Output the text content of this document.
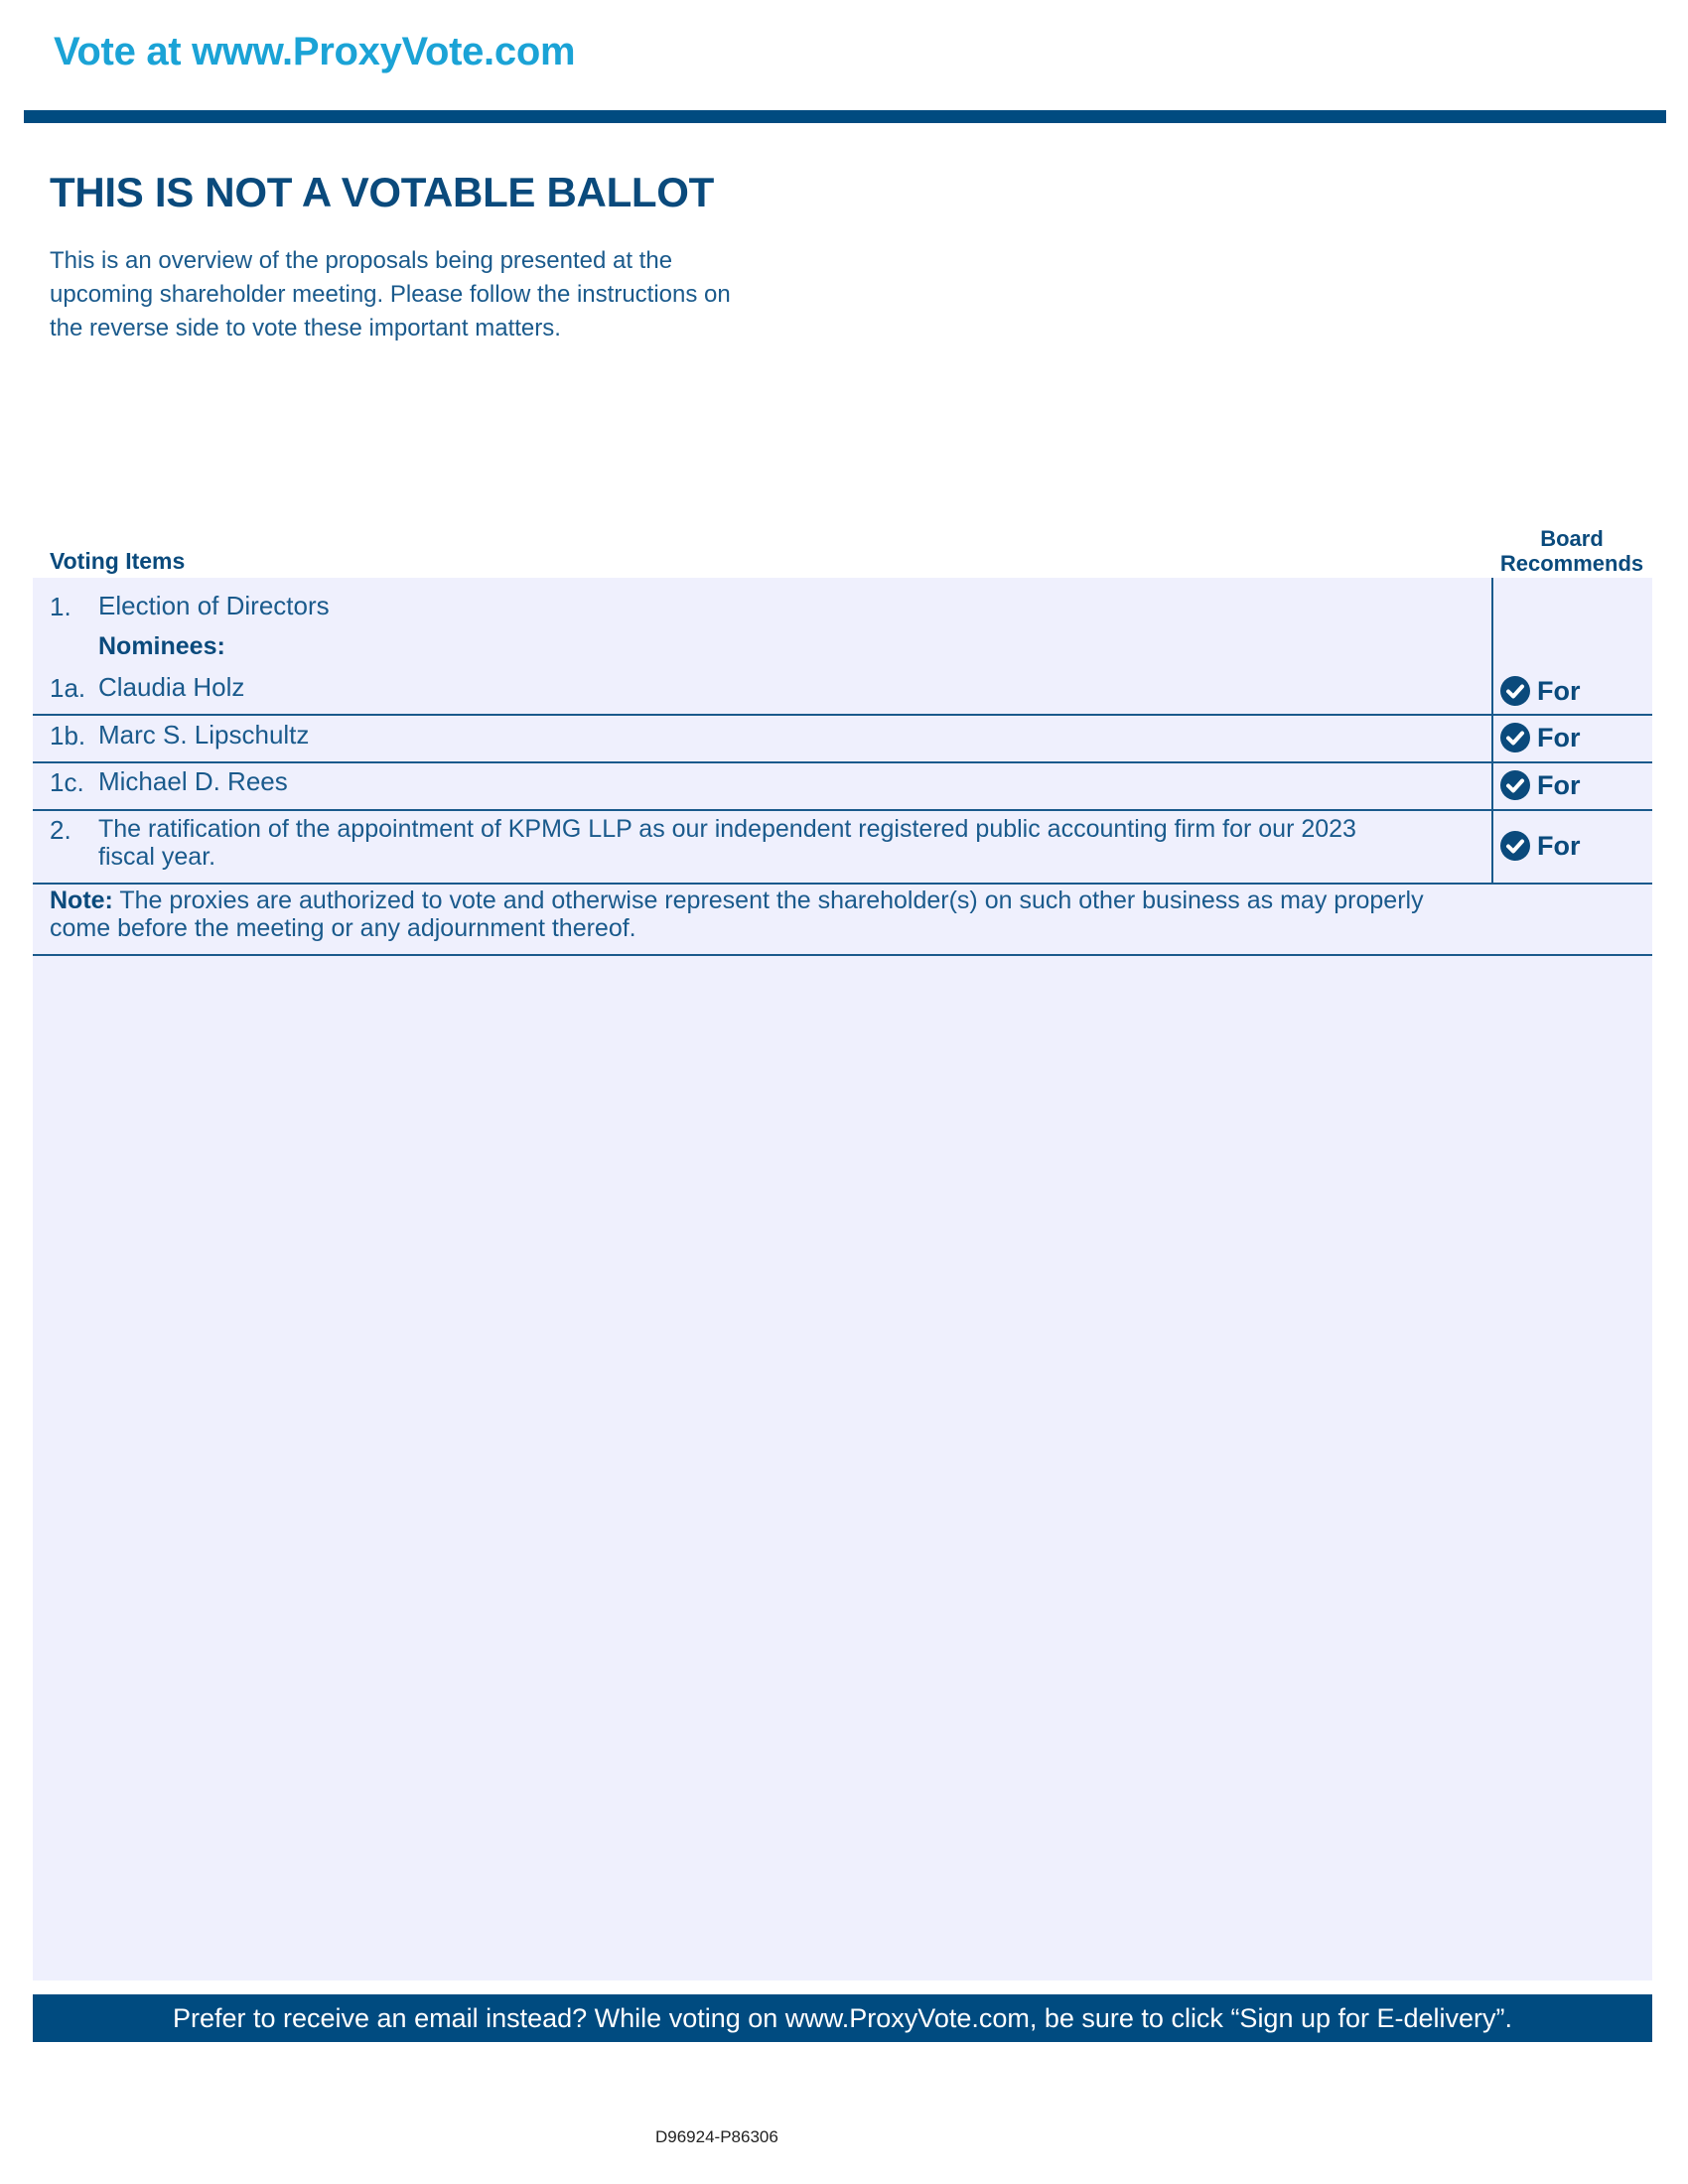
Vote at www.ProxyVote.com
THIS IS NOT A VOTABLE BALLOT
This is an overview of the proposals being presented at the
upcoming shareholder meeting. Please follow the instructions on
the reverse side to vote these important matters.
Voting Items
Board
Recommends
1. Election of Directors
Nominees:
1a. Claudia Holz	For
1b. Marc S. Lipschultz	For
1c. Michael D. Rees	For
2. The ratification of the appointment of KPMG LLP as our independent registered public accounting firm for our 2023
fiscal year.	For
Note: The proxies are authorized to vote and otherwise represent the shareholder(s) on such other business as may properly
come before the meeting or any adjournment thereof.
Prefer to receive an email instead? While voting on www.ProxyVote.com, be sure to click “Sign up for E-delivery”.
D96924-P86306
